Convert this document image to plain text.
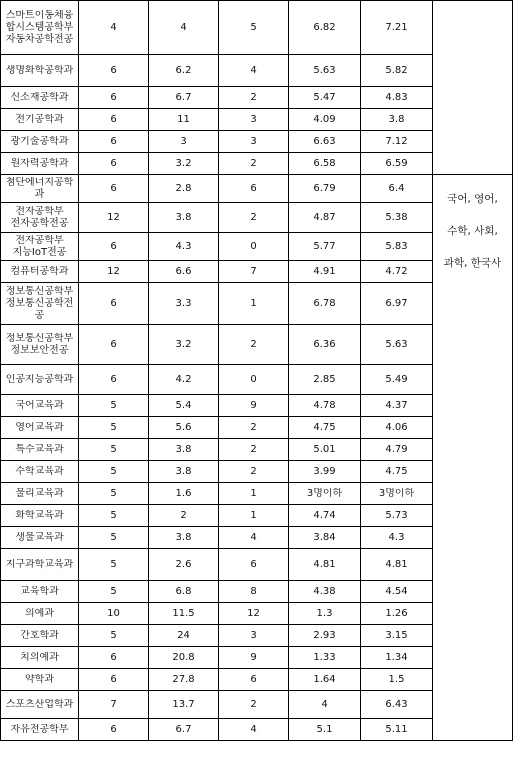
스마트이동체융합시스템공학부 자동차공학전공	4	4	5	6.82	7.21	

생명화학공학과	6	6.2	4	5.63	5.82	

신소재공학과	6	6.7	2	5.47	4.83	

전기공학과	6	11	3	4.09	3.8	

광기술공학과	6	3	3	6.63	7.12	

원자력공학과	6	3.2	2	6.58	6.59	

첨단에너지공학과	6	2.8	6	6.79	6.4	국어, 영어,
수학, 사회,
과학, 한국사

전자공학부 전자공학전공	12	3.8	2	4.87	5.38	

전자공학부 지능IoT전공	6	4.3	0	5.77	5.83	

컴퓨터공학과	12	6.6	7	4.91	4.72	

정보통신공학부 정보통신공학전공	6	3.3	1	6.78	6.97	

정보통신공학부 정보보안전공	6	3.2	2	6.36	5.63	

인공지능공학과	6	4.2	0	2.85	5.49	

국어교육과	5	5.4	9	4.78	4.37	

영어교육과	5	5.6	2	4.75	4.06	

특수교육과	5	3.8	2	5.01	4.79	

수학교육과	5	3.8	2	3.99	4.75	

물리교육과	5	1.6	1	3명이하	3명이하	

화학교육과	5	2	1	4.74	5.73	

생물교육과	5	3.8	4	3.84	4.3	

지구과학교육과	5	2.6	6	4.81	4.81	

교육학과	5	6.8	8	4.38	4.54	

의예과	10	11.5	12	1.3	1.26	

간호학과	5	24	3	2.93	3.15	

치의예과	6	20.8	9	1.33	1.34	

약학과	6	27.8	6	1.64	1.5	

스포츠산업학과	7	13.7	2	4	6.43	

자유전공학부	6	6.7	4	5.1	5.11	
